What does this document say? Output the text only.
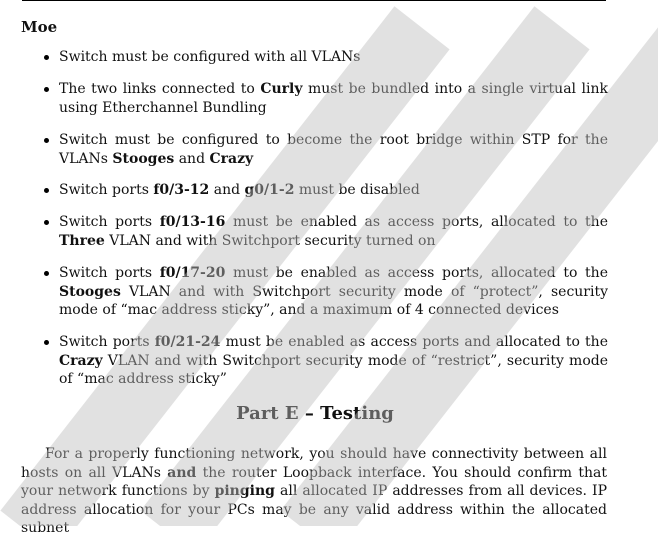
Moe
Switch must be configured with all VLANs
The two links connected to Curly must be bundled into a single virtual link using Etherchannel Bundling
Switch must be configured to become the root bridge within STP for the VLANs Stooges and Crazy
Switch ports f0/3-12 and g0/1-2 must be disabled
Switch ports f0/13-16 must be enabled as access ports, allocated to the Three VLAN and with Switchport security turned on
Switch ports f0/17-20 must be enabled as access ports, allocated to the Stooges VLAN and with Switchport security mode of “protect”, security mode of “mac address sticky”, and a maximum of 4 connected devices
Switch ports f0/21-24 must be enabled as access ports and allocated to the Crazy VLAN and with Switchport security mode of “restrict”, security mode of “mac address sticky”
Part E – Testing
For a properly functioning network, you should have connectivity between all hosts on all VLANs and the router Loopback interface. You should confirm that your network functions by pinging all allocated IP addresses from all devices. IP address allocation for your PCs may be any valid address within the allocated subnet
